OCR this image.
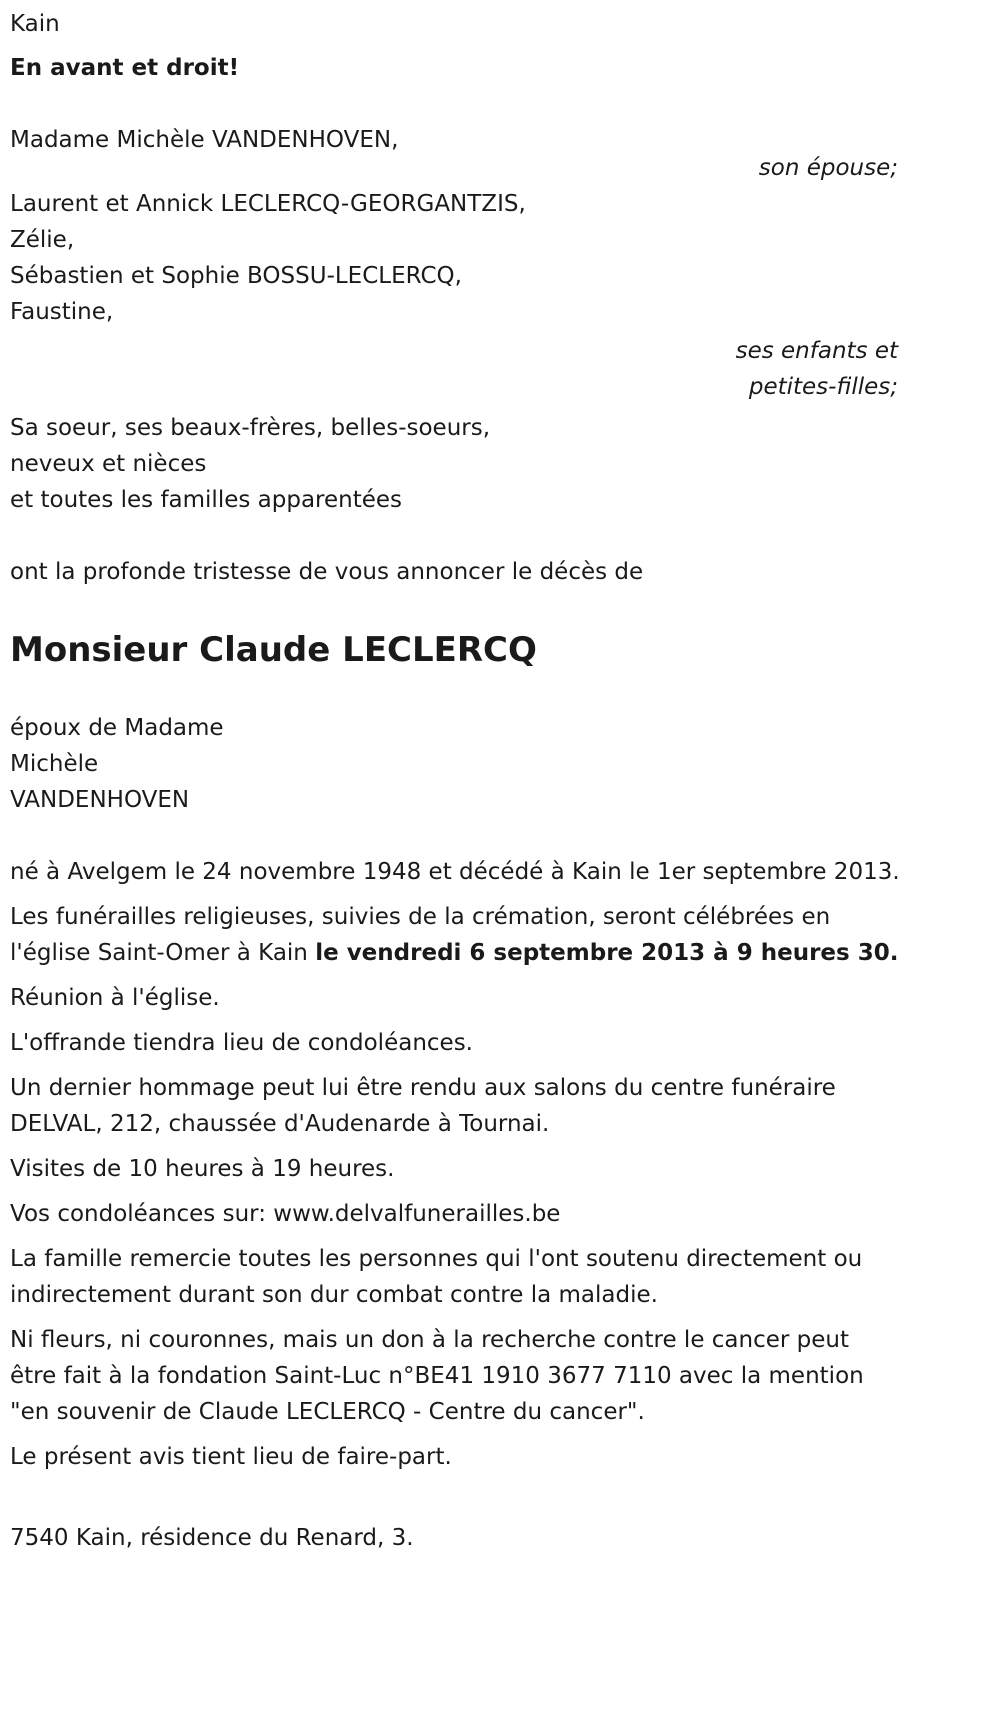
Kain
En avant et droit!
Madame Michèle VANDENHOVEN,
son épouse;
Laurent et Annick LECLERCQ-GEORGANTZIS,
Zélie,
Sébastien et Sophie BOSSU-LECLERCQ,
Faustine,
ses enfants et
petites-filles;
Sa soeur, ses beaux-frères, belles-soeurs,
neveux et nièces
et toutes les familles apparentées
ont la profonde tristesse de vous annoncer le décès de
Monsieur Claude LECLERCQ
époux de Madame
Michèle
VANDENHOVEN

né à Avelgem le 24 novembre 1948 et décédé à Kain le 1er septembre 2013.

Les funérailles religieuses, suivies de la crémation, seront célébrées en l'église Saint-Omer à Kain le vendredi 6 septembre 2013 à 9 heures 30.

Réunion à l'église.

L'offrande tiendra lieu de condoléances.

Un dernier hommage peut lui être rendu aux salons du centre funéraire DELVAL, 212, chaussée d'Audenarde à Tournai.

Visites de 10 heures à 19 heures.

Vos condoléances sur: www.delvalfunerailles.be

La famille remercie toutes les personnes qui l'ont soutenu directement ou indirectement durant son dur combat contre la maladie.

Ni fleurs, ni couronnes, mais un don à la recherche contre le cancer peut être fait à la fondation Saint-Luc n°BE41 1910 3677 7110 avec la mention "en souvenir de Claude LECLERCQ - Centre du cancer".

Le présent avis tient lieu de faire-part.

7540 Kain, résidence du Renard, 3.
